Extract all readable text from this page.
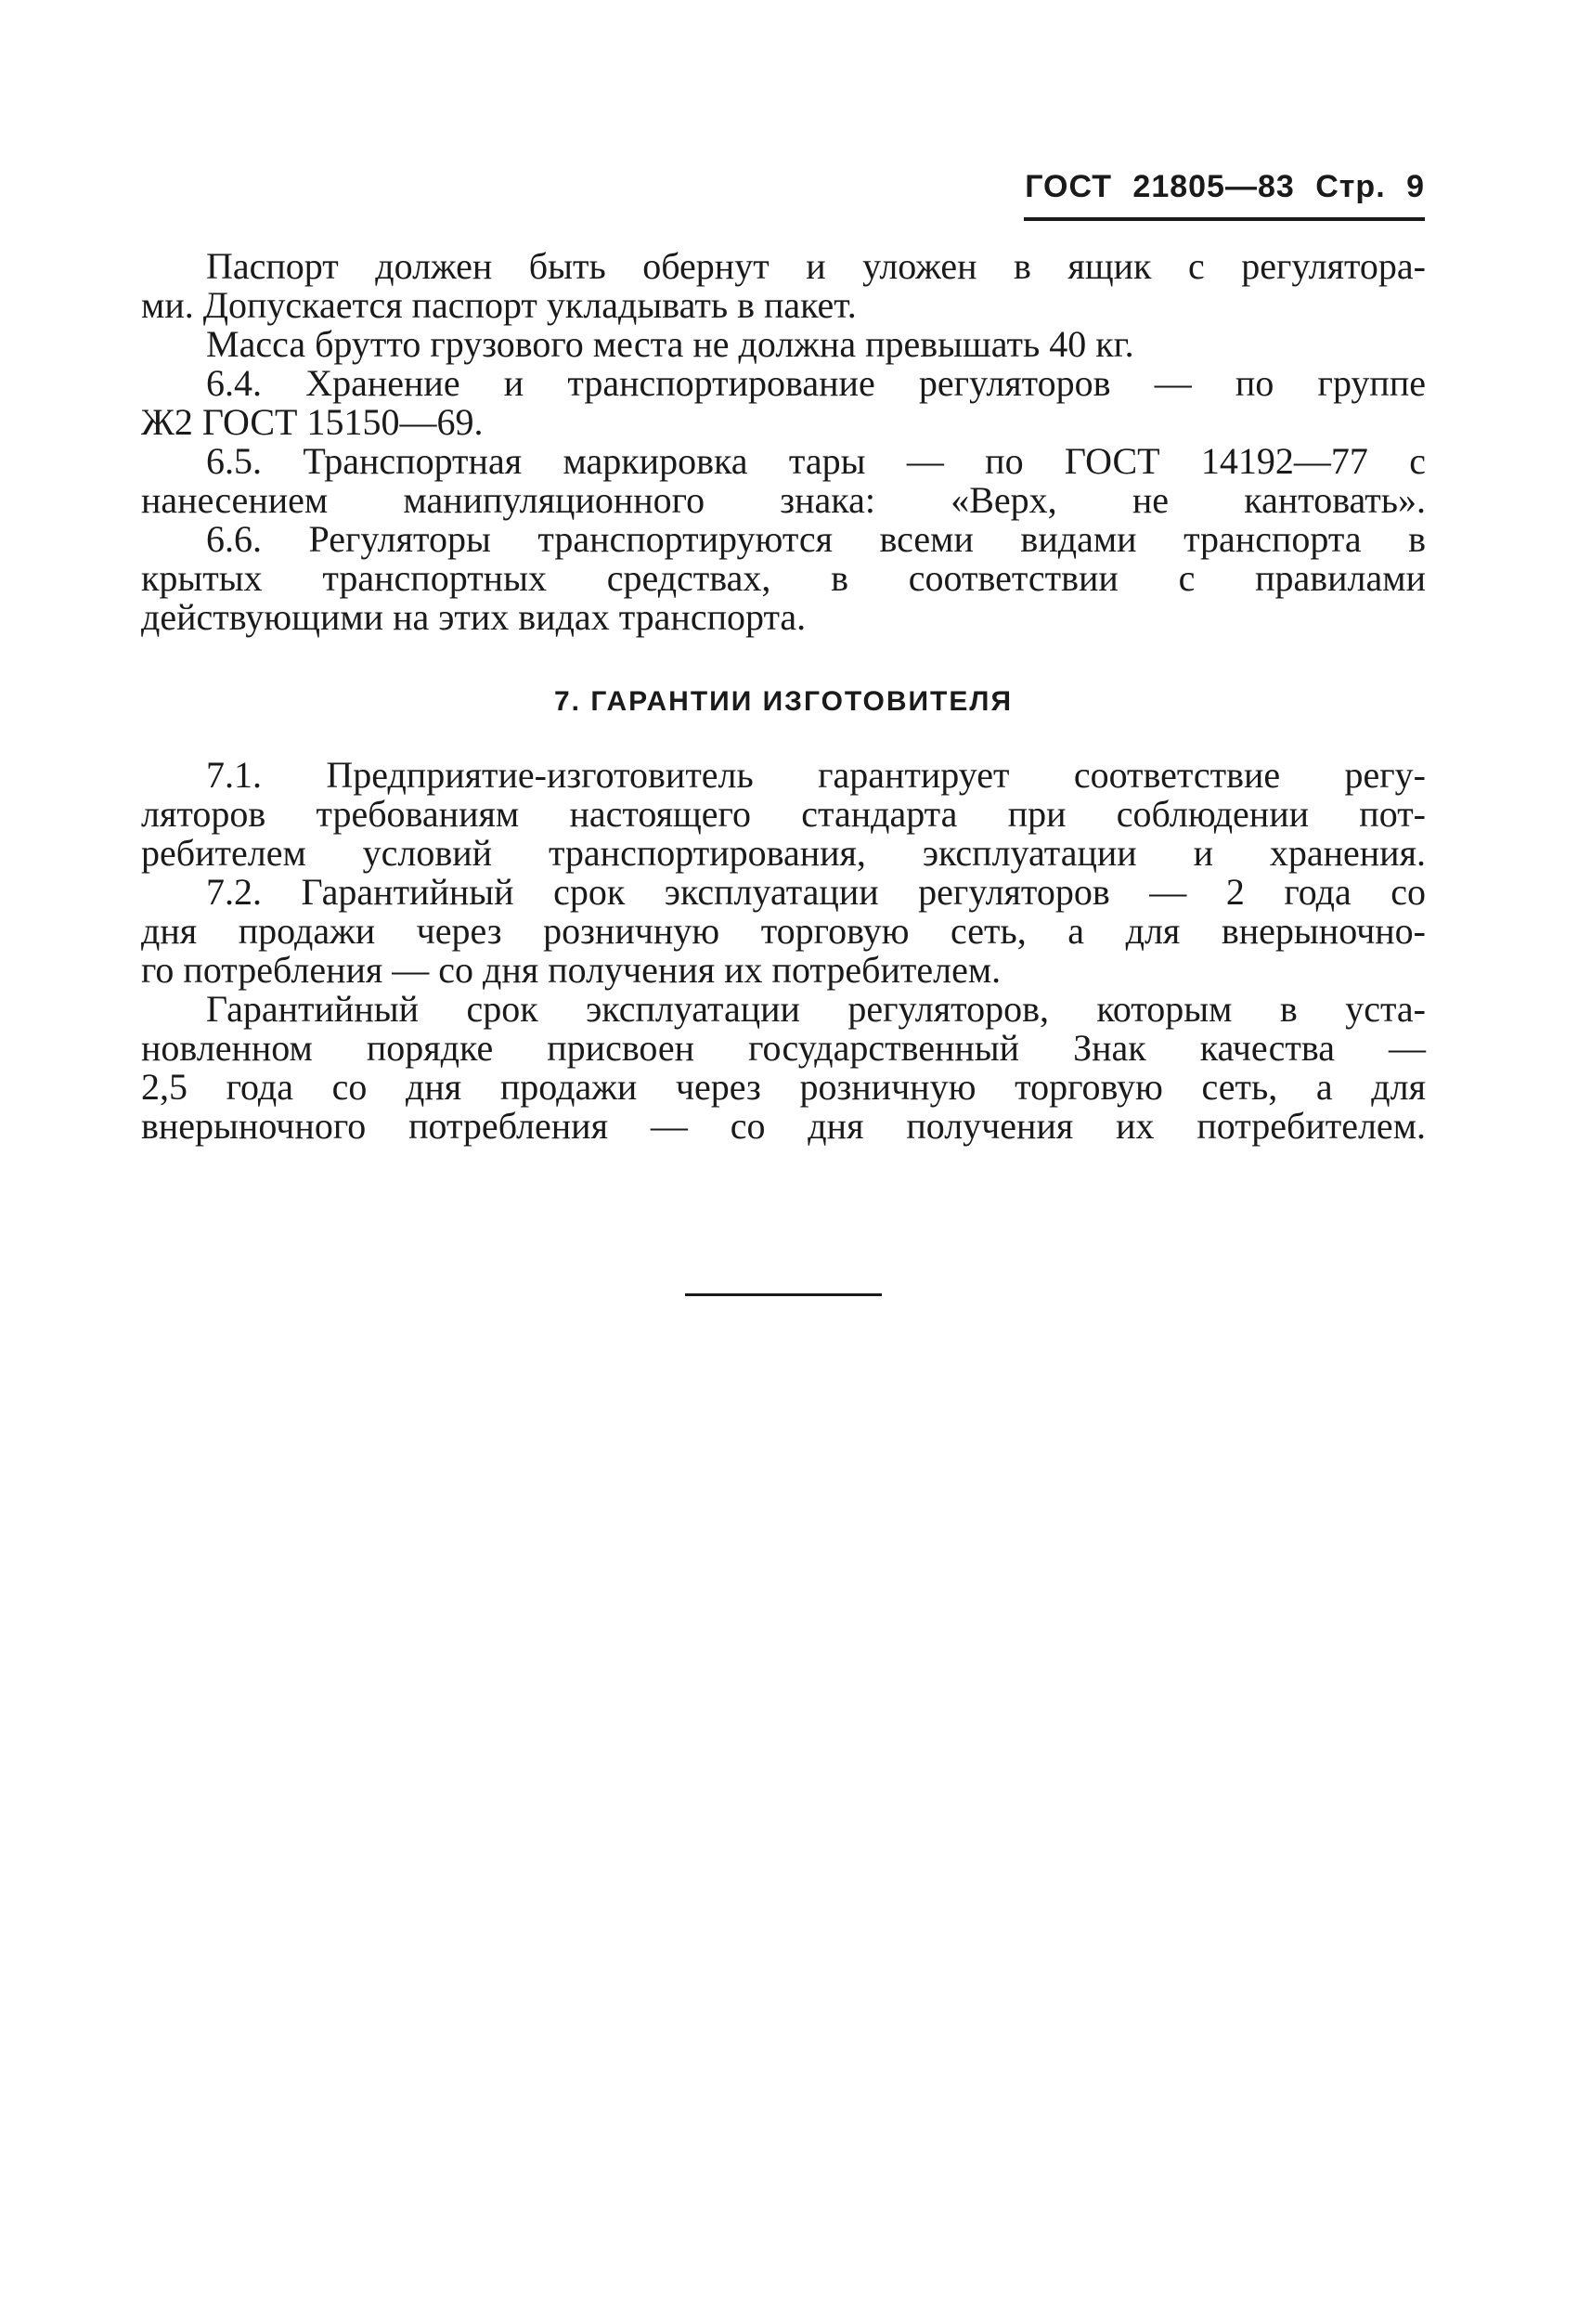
ГОСТ 21805—83 Стр. 9
Паспорт должен быть обернут и уложен в ящик с регулятора-
ми. Допускается паспорт укладывать в пакет.
Масса брутто грузового места не должна превышать 40 кг.
6.4. Хранение и транспортирование регуляторов — по группе
Ж2 ГОСТ 15150—69.
6.5. Транспортная маркировка тары — по ГОСТ 14192—77 с
нанесением манипуляционного знака: «Верх, не кантовать».
6.6. Регуляторы транспортируются всеми видами транспорта в
крытых транспортных средствах, в соответствии с правилами
действующими на этих видах транспорта.
7. ГАРАНТИИ ИЗГОТОВИТЕЛЯ
7.1. Предприятие-изготовитель гарантирует соответствие регу-
ляторов требованиям настоящего стандарта при соблюдении пот-
ребителем условий транспортирования, эксплуатации и хранения.
7.2. Гарантийный срок эксплуатации регуляторов — 2 года со
дня продажи через розничную торговую сеть, а для внерыночно-
го потребления — со дня получения их потребителем.
Гарантийный срок эксплуатации регуляторов, которым в уста-
новленном порядке присвоен государственный Знак качества —
2,5 года со дня продажи через розничную торговую сеть, а для
внерыночного потребления — со дня получения их потребителем.
